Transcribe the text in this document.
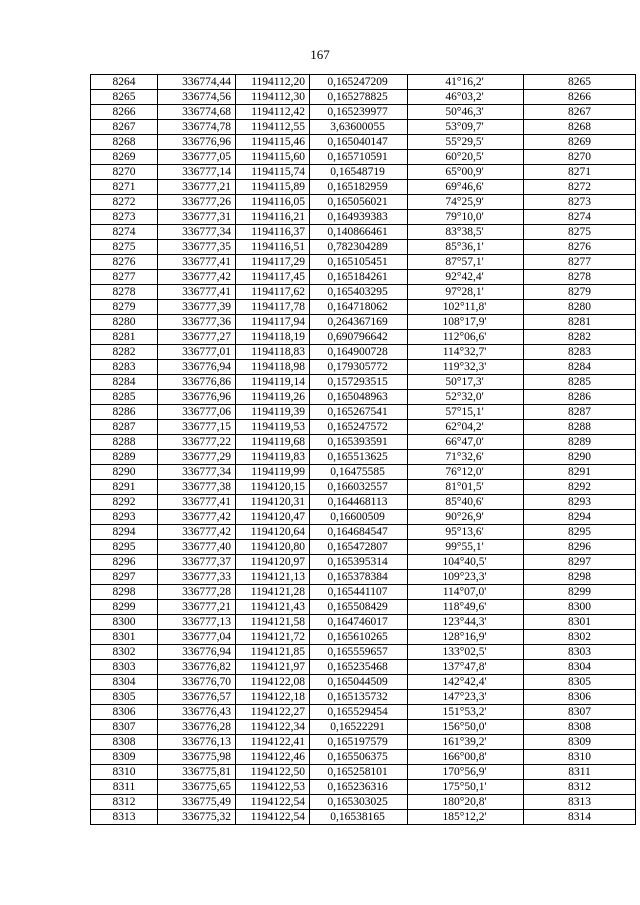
167
8264	336774,44	1194112,20	0,165247209	41°16,2'	8265
8265	336774,56	1194112,30	0,165278825	46°03,2'	8266
8266	336774,68	1194112,42	0,165239977	50°46,3'	8267
8267	336774,78	1194112,55	3,63600055	53°09,7'	8268
8268	336776,96	1194115,46	0,165040147	55°29,5'	8269
8269	336777,05	1194115,60	0,165710591	60°20,5'	8270
8270	336777,14	1194115,74	0,16548719	65°00,9'	8271
8271	336777,21	1194115,89	0,165182959	69°46,6'	8272
8272	336777,26	1194116,05	0,165056021	74°25,9'	8273
8273	336777,31	1194116,21	0,164939383	79°10,0'	8274
8274	336777,34	1194116,37	0,140866461	83°38,5'	8275
8275	336777,35	1194116,51	0,782304289	85°36,1'	8276
8276	336777,41	1194117,29	0,165105451	87°57,1'	8277
8277	336777,42	1194117,45	0,165184261	92°42,4'	8278
8278	336777,41	1194117,62	0,165403295	97°28,1'	8279
8279	336777,39	1194117,78	0,164718062	102°11,8'	8280
8280	336777,36	1194117,94	0,264367169	108°17,9'	8281
8281	336777,27	1194118,19	0,690796642	112°06,6'	8282
8282	336777,01	1194118,83	0,164900728	114°32,7'	8283
8283	336776,94	1194118,98	0,179305772	119°32,3'	8284
8284	336776,86	1194119,14	0,157293515	50°17,3'	8285
8285	336776,96	1194119,26	0,165048963	52°32,0'	8286
8286	336777,06	1194119,39	0,165267541	57°15,1'	8287
8287	336777,15	1194119,53	0,165247572	62°04,2'	8288
8288	336777,22	1194119,68	0,165393591	66°47,0'	8289
8289	336777,29	1194119,83	0,165513625	71°32,6'	8290
8290	336777,34	1194119,99	0,16475585	76°12,0'	8291
8291	336777,38	1194120,15	0,166032557	81°01,5'	8292
8292	336777,41	1194120,31	0,164468113	85°40,6'	8293
8293	336777,42	1194120,47	0,16600509	90°26,9'	8294
8294	336777,42	1194120,64	0,164684547	95°13,6'	8295
8295	336777,40	1194120,80	0,165472807	99°55,1'	8296
8296	336777,37	1194120,97	0,165395314	104°40,5'	8297
8297	336777,33	1194121,13	0,165378384	109°23,3'	8298
8298	336777,28	1194121,28	0,165441107	114°07,0'	8299
8299	336777,21	1194121,43	0,165508429	118°49,6'	8300
8300	336777,13	1194121,58	0,164746017	123°44,3'	8301
8301	336777,04	1194121,72	0,165610265	128°16,9'	8302
8302	336776,94	1194121,85	0,165559657	133°02,5'	8303
8303	336776,82	1194121,97	0,165235468	137°47,8'	8304
8304	336776,70	1194122,08	0,165044509	142°42,4'	8305
8305	336776,57	1194122,18	0,165135732	147°23,3'	8306
8306	336776,43	1194122,27	0,165529454	151°53,2'	8307
8307	336776,28	1194122,34	0,16522291	156°50,0'	8308
8308	336776,13	1194122,41	0,165197579	161°39,2'	8309
8309	336775,98	1194122,46	0,165506375	166°00,8'	8310
8310	336775,81	1194122,50	0,165258101	170°56,9'	8311
8311	336775,65	1194122,53	0,165236316	175°50,1'	8312
8312	336775,49	1194122,54	0,165303025	180°20,8'	8313
8313	336775,32	1194122,54	0,16538165	185°12,2'	8314
